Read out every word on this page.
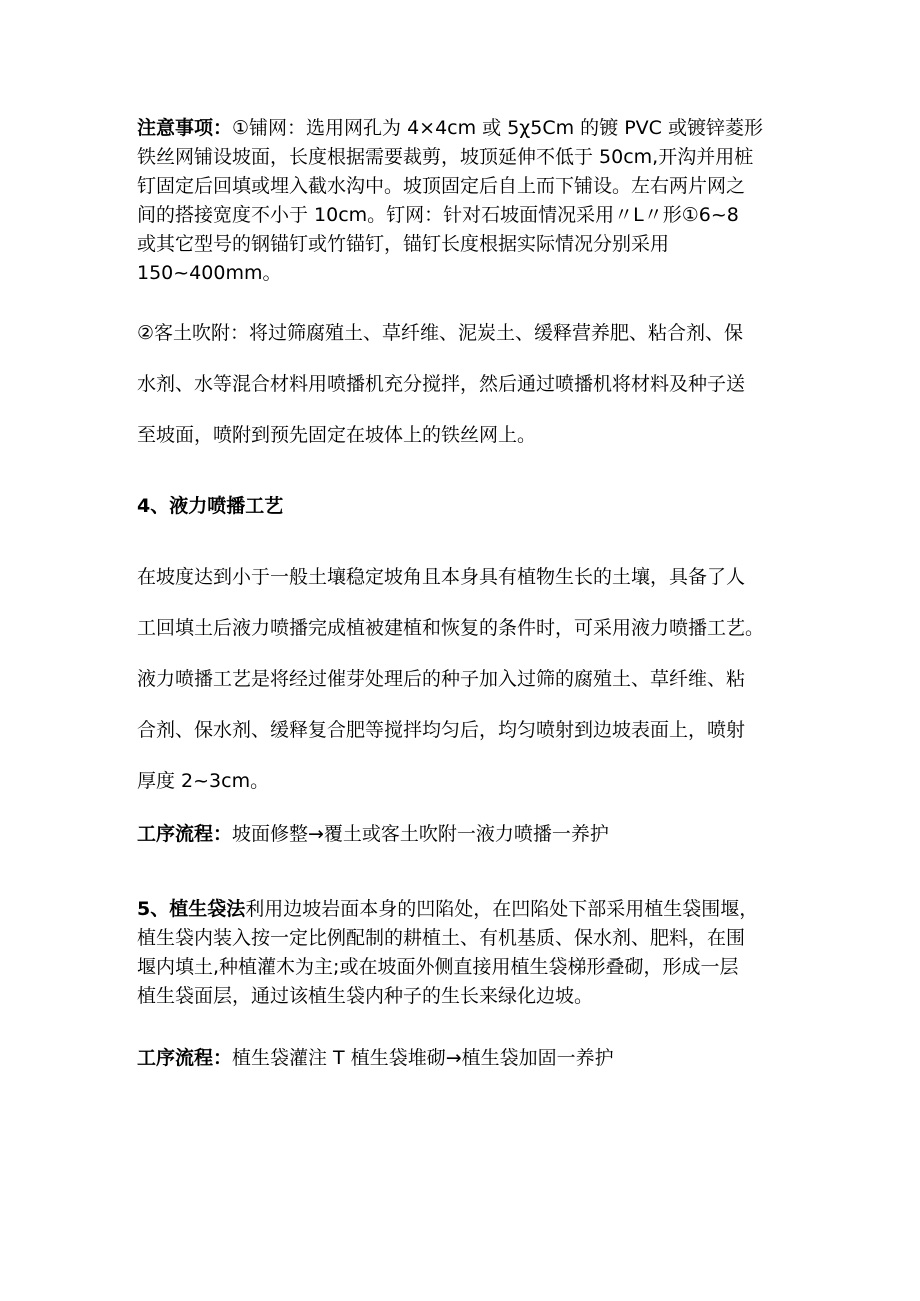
注意事项：①铺网：选用网孔为 4×4cm 或 5χ5Cm 的镀 PVC 或镀锌菱形
铁丝网铺设坡面，长度根据需要裁剪，坡顶延伸不低于 50cm,开沟并用桩
钉固定后回填或埋入截水沟中。坡顶固定后自上而下铺设。左右两片网之
间的搭接宽度不小于 10cm。钉网：针对石坡面情况采用〃L〃形①6~8
或其它型号的钢锚钉或竹锚钉，锚钉长度根据实际情况分别采用
150~400mm。
②客土吹附：将过筛腐殖土、草纤维、泥炭土、缓释营养肥、粘合剂、保
水剂、水等混合材料用喷播机充分搅拌，然后通过喷播机将材料及种子送
至坡面，喷附到预先固定在坡体上的铁丝网上。
4、液力喷播工艺
在坡度达到小于一般土壤稳定坡角且本身具有植物生长的土壤，具备了人
工回填土后液力喷播完成植被建植和恢复的条件时，可采用液力喷播工艺。
液力喷播工艺是将经过催芽处理后的种子加入过筛的腐殖土、草纤维、粘
合剂、保水剂、缓释复合肥等搅拌均匀后，均匀喷射到边坡表面上，喷射
厚度 2~3cm。
工序流程：坡面修整→覆土或客土吹附一液力喷播一养护
5、植生袋法利用边坡岩面本身的凹陷处，在凹陷处下部采用植生袋围堰，
植生袋内装入按一定比例配制的耕植土、有机基质、保水剂、肥料，在围
堰内填土,种植灌木为主;或在坡面外侧直接用植生袋梯形叠砌，形成一层
植生袋面层，通过该植生袋内种子的生长来绿化边坡。
工序流程：植生袋灌注 T 植生袋堆砌→植生袋加固一养护
